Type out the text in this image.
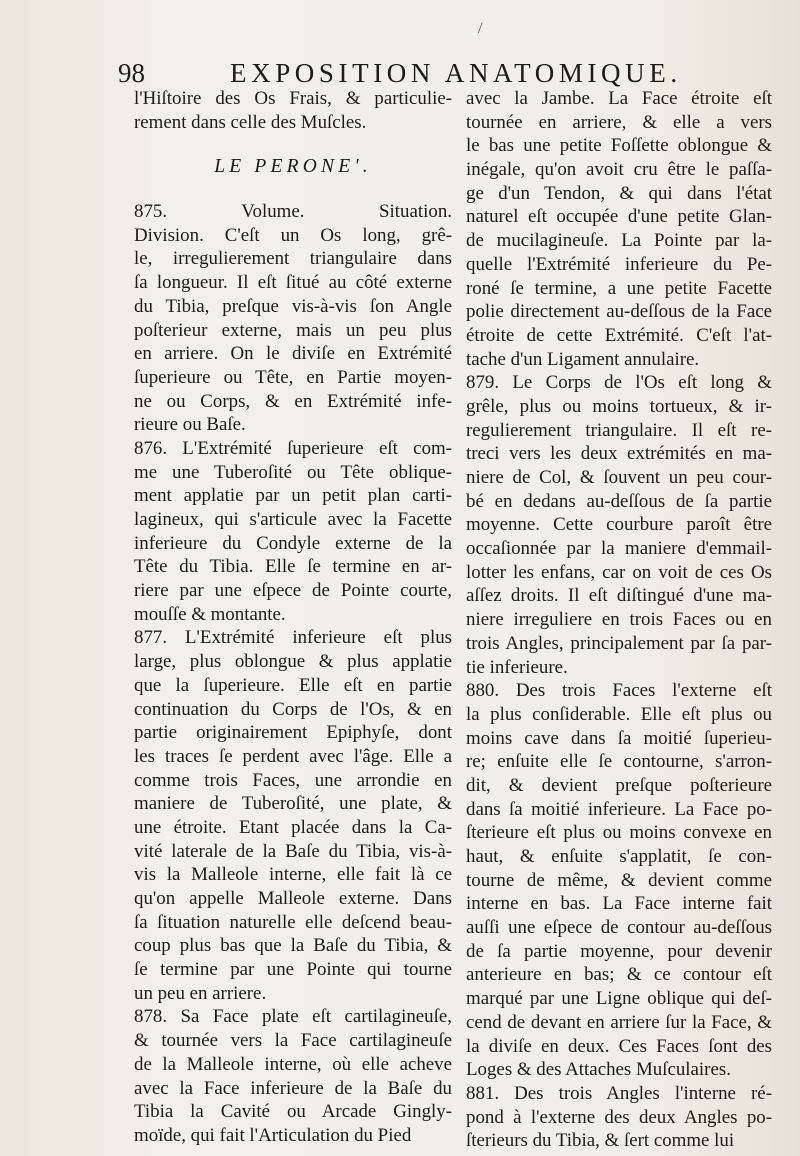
/
98	EXPOSITION ANATOMIQUE.
l'Hiſtoire des Os Frais, & particulie-
rement dans celle des Muſcles.
LE PERONE'.
875. Volume. Situation.
Division. C'eſt un Os long, grê-
le, irregulierement triangulaire dans
ſa longueur. Il eſt ſitué au côté externe
du Tibia, preſque vis-à-vis ſon Angle
poſterieur externe, mais un peu plus
en arriere. On le diviſe en Extrémité
ſuperieure ou Tête, en Partie moyen-
ne ou Corps, & en Extrémité infe-
rieure ou Baſe.
876. L'Extrémité ſuperieure eſt com-
me une Tuberoſité ou Tête oblique-
ment applatie par un petit plan carti-
lagineux, qui s'articule avec la Facette
inferieure du Condyle externe de la
Tête du Tibia. Elle ſe termine en ar-
riere par une eſpece de Pointe courte,
mouſſe & montante.
877. L'Extrémité inferieure eſt plus
large, plus oblongue & plus applatie
que la ſuperieure. Elle eſt en partie
continuation du Corps de l'Os, & en
partie originairement Epiphyſe, dont
les traces ſe perdent avec l'âge. Elle a
comme trois Faces, une arrondie en
maniere de Tuberoſité, une plate, &
une étroite. Etant placée dans la Ca-
vité laterale de la Baſe du Tibia, vis-à-
vis la Malleole interne, elle fait là ce
qu'on appelle Malleole externe. Dans
ſa ſituation naturelle elle deſcend beau-
coup plus bas que la Baſe du Tibia, &
ſe termine par une Pointe qui tourne
un peu en arriere.
878. Sa Face plate eſt cartilagineuſe,
& tournée vers la Face cartilagineuſe
de la Malleole interne, où elle acheve
avec la Face inferieure de la Baſe du
Tibia la Cavité ou Arcade Gingly-
moïde, qui fait l'Articulation du Pied
avec la Jambe. La Face étroite eſt
tournée en arriere, & elle a vers
le bas une petite Foſſette oblongue &
inégale, qu'on avoit cru être le paſſa-
ge d'un Tendon, & qui dans l'état
naturel eſt occupée d'une petite Glan-
de mucilagineuſe. La Pointe par la-
quelle l'Extrémité inferieure du Pe-
roné ſe termine, a une petite Facette
polie directement au-deſſous de la Face
étroite de cette Extrémité. C'eſt l'at-
tache d'un Ligament annulaire.
879. Le Corps de l'Os eſt long &
grêle, plus ou moins tortueux, & ir-
regulierement triangulaire. Il eſt re-
treci vers les deux extrémités en ma-
niere de Col, & ſouvent un peu cour-
bé en dedans au-deſſous de ſa partie
moyenne. Cette courbure paroît être
occaſionnée par la maniere d'emmail-
lotter les enfans, car on voit de ces Os
aſſez droits. Il eſt diſtingué d'une ma-
niere irreguliere en trois Faces ou en
trois Angles, principalement par ſa par-
tie inferieure.
880. Des trois Faces l'externe eſt
la plus conſiderable. Elle eſt plus ou
moins cave dans ſa moitié ſuperieu-
re; enſuite elle ſe contourne, s'arron-
dit, & devient preſque poſterieure
dans ſa moitié inferieure. La Face po-
ſterieure eſt plus ou moins convexe en
haut, & enſuite s'applatit, ſe con-
tourne de même, & devient comme
interne en bas. La Face interne fait
auſſi une eſpece de contour au-deſſous
de ſa partie moyenne, pour devenir
anterieure en bas; & ce contour eſt
marqué par une Ligne oblique qui deſ-
cend de devant en arriere ſur la Face, &
la diviſe en deux. Ces Faces ſont des
Loges & des Attaches Muſculaires.
881. Des trois Angles l'interne ré-
pond à l'externe des deux Angles po-
ſterieurs du Tibia, & ſert comme lui
